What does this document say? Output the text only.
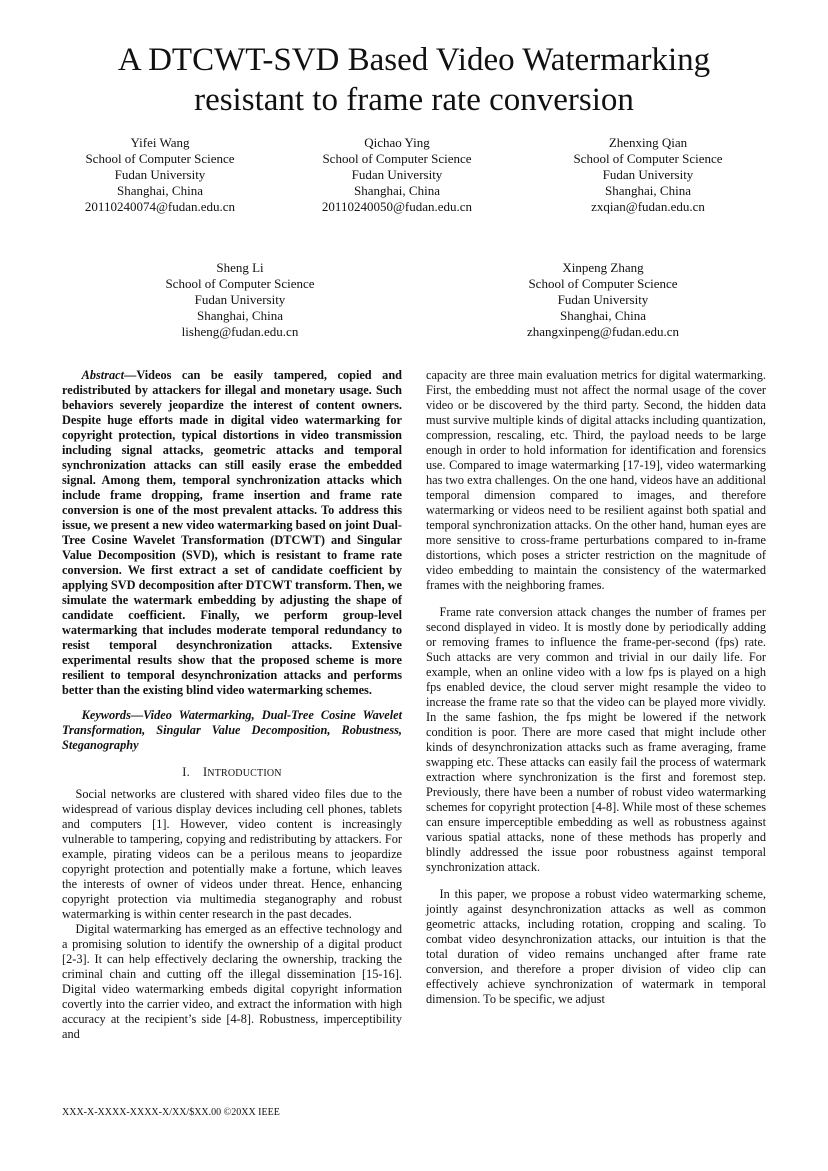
A DTCWT-SVD Based Video Watermarking
resistant to frame rate conversion
Yifei Wang
School of Computer Science
Fudan University
Shanghai, China
20110240074@fudan.edu.cn
Qichao Ying
School of Computer Science
Fudan University
Shanghai, China
20110240050@fudan.edu.cn
Zhenxing Qian
School of Computer Science
Fudan University
Shanghai, China
zxqian@fudan.edu.cn
Sheng Li
School of Computer Science
Fudan University
Shanghai, China
lisheng@fudan.edu.cn
Xinpeng Zhang
School of Computer Science
Fudan University
Shanghai, China
zhangxinpeng@fudan.edu.cn

Abstract—Videos can be easily tampered, copied and redistributed by attackers for illegal and monetary usage. Such behaviors severely jeopardize the interest of content owners. Despite huge efforts made in digital video watermarking for copyright protection, typical distortions in video transmission including signal attacks, geometric attacks and temporal synchronization attacks can still easily erase the embedded signal. Among them, temporal synchronization attacks which include frame dropping, frame insertion and frame rate conversion is one of the most prevalent attacks. To address this issue, we present a new video watermarking based on joint Dual-Tree Cosine Wavelet Transformation (DTCWT) and Singular Value Decomposition (SVD), which is resistant to frame rate conversion. We first extract a set of candidate coefficient by applying SVD decomposition after DTCWT transform. Then, we simulate the watermark embedding by adjusting the shape of candidate coefficient. Finally, we perform group-level watermarking that includes moderate temporal redundancy to resist temporal desynchronization attacks. Extensive experimental results show that the proposed scheme is more resilient to temporal desynchronization attacks and performs better than the existing blind video watermarking schemes.

Keywords—Video Watermarking, Dual-Tree Cosine Wavelet Transformation, Singular Value Decomposition, Robustness, Steganography

I. INTRODUCTION

Social networks are clustered with shared video files due to the widespread of various display devices including cell phones, tablets and computers [1]. However, video content is increasingly vulnerable to tampering, copying and redistributing by attackers. For example, pirating videos can be a perilous means to jeopardize copyright protection and potentially make a fortune, which leaves the interests of owner of videos under threat. Hence, enhancing copyright protection via multimedia steganography and robust watermarking is within center research in the past decades.

Digital watermarking has emerged as an effective technology and a promising solution to identify the ownership of a digital product [2-3]. It can help effectively declaring the ownership, tracking the criminal chain and cutting off the illegal dissemination [15-16]. Digital video watermarking embeds digital copyright information covertly into the carrier video, and extract the information with high accuracy at the recipient’s side [4-8]. Robustness, imperceptibility and

capacity are three main evaluation metrics for digital watermarking. First, the embedding must not affect the normal usage of the cover video or be discovered by the third party. Second, the hidden data must survive multiple kinds of digital attacks including quantization, compression, rescaling, etc. Third, the payload needs to be large enough in order to hold information for identification and forensics use. Compared to image watermarking [17-19], video watermarking has two extra challenges. On the one hand, videos have an additional temporal dimension compared to images, and therefore watermarking or videos need to be resilient against both spatial and temporal synchronization attacks. On the other hand, human eyes are more sensitive to cross-frame perturbations compared to in-frame distortions, which poses a stricter restriction on the magnitude of video embedding to maintain the consistency of the watermarked frames with the neighboring frames.

Frame rate conversion attack changes the number of frames per second displayed in video. It is mostly done by periodically adding or removing frames to influence the frame-per-second (fps) rate. Such attacks are very common and trivial in our daily life. For example, when an online video with a low fps is played on a high fps enabled device, the cloud server might resample the video to increase the frame rate so that the video can be played more vividly. In the same fashion, the fps might be lowered if the network condition is poor. There are more cased that might include other kinds of desynchronization attacks such as frame averaging, frame swapping etc. These attacks can easily fail the process of watermark extraction where synchronization is the first and foremost step. Previously, there have been a number of robust video watermarking schemes for copyright protection [4-8]. While most of these schemes can ensure imperceptible embedding as well as robustness against various spatial attacks, none of these methods has properly and blindly addressed the issue poor robustness against temporal synchronization attack.

In this paper, we propose a robust video watermarking scheme, jointly against desynchronization attacks as well as common geometric attacks, including rotation, cropping and scaling. To combat video desynchronization attacks, our intuition is that the total duration of video remains unchanged after frame rate conversion, and therefore a proper division of video clip can effectively achieve synchronization of watermark in temporal dimension. To be specific, we adjust

XXX-X-XXXX-XXXX-X/XX/$XX.00 ©20XX IEEE
